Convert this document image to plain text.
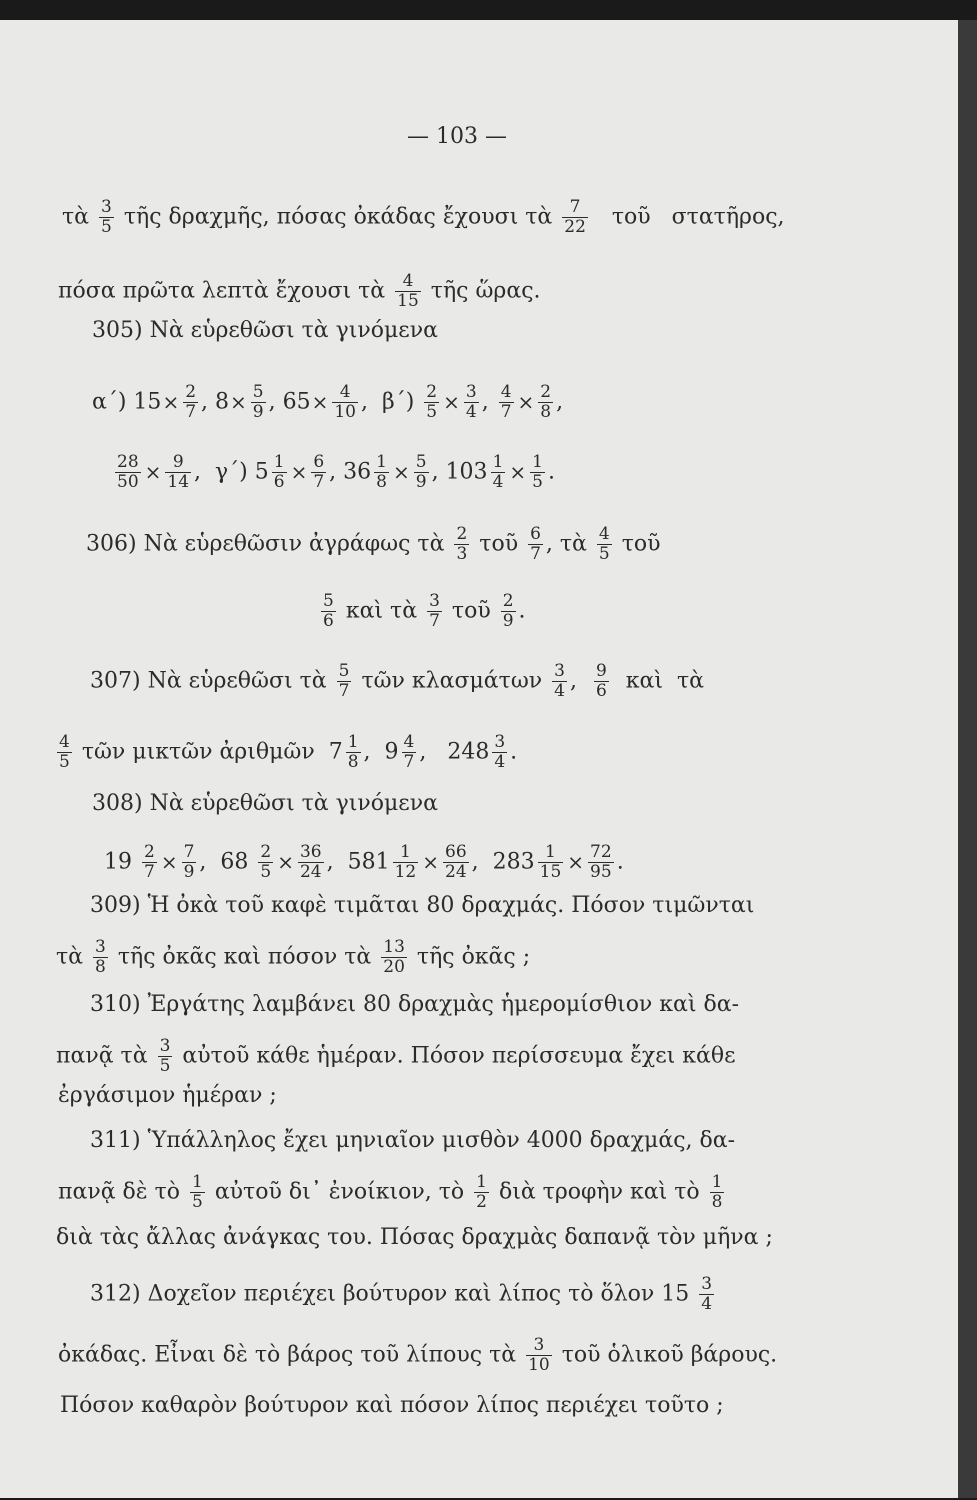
— 103 —
τὰ $\frac{3}{5}$ τῆς δραχμῆς, πόσας ὀκάδας ἔχουσι τὰ $\frac{7}{22}$ τοῦ   στατῆρος,
πόσα πρῶτα λεπτὰ ἔχουσι τὰ $\frac{4}{15}$ τῆς ὥρας.
305) Νὰ εὑρεθῶσι τὰ γινόμενα
α΄) $15\times \frac{2}{7}$ , $8\times \frac{5}{9}$ , $65\times \frac{4}{10}$ ,  $\beta΄) \frac{2}{5} \times \frac{3}{4}$ , $\frac{4}{7} \times \frac{2}{8}$ ,
$\frac{28}{50} \times \frac{9}{14}$ ,  γ΄) $5 \frac{1}{6} \times \frac{6}{7}$ , $36 \frac{1}{8} \times \frac{5}{9}$ , $103 \frac{1}{4} \times \frac{1}{5}$ .
306) Νὰ εὑρεθῶσιν ἀγράφως τὰ $\frac{2}{3}$ τοῦ $\frac{6}{7}$ , τὰ $\frac{4}{5}$ τοῦ
$\frac{5}{6}$ καὶ τὰ $\frac{3}{7}$ τοῦ $\frac{2}{9}$ .
307) Νὰ εὑρεθῶσι τὰ $\frac{5}{7}$ τῶν κλασμάτων $\frac{3}{4}$ , $\frac{9}{6}$ καὶ  τὰ
$\frac{4}{5}$ τῶν μικτῶν ἀριθμῶν  $7 \frac{1}{8}$ ,  $9 \frac{4}{7}$ ,   $248 \frac{3}{4}$ .
308) Νὰ εὑρεθῶσι τὰ γινόμενα
$19 \frac{2}{7} \times \frac{7}{9}$ ,  $68 \frac{2}{5} \times \frac{36}{24}$ ,  $581 \frac{1}{12} \times \frac{66}{24}$ ,  $283 \frac{1}{15} \times \frac{72}{95}$ .
309) Ἡ ὀκὰ τοῦ καφὲ τιμᾶται 80 δραχμάς. Πόσον τιμῶνται
τὰ $\frac{3}{8}$ τῆς ὀκᾶς καὶ πόσον τὰ $\frac{13}{20}$ τῆς ὀκᾶς ;
310) Ἐργάτης λαμβάνει 80 δραχμὰς ἡμερομίσθιον καὶ δα-
πανᾷ τὰ $\frac{3}{5}$ αὐτοῦ κάθε ἡμέραν. Πόσον περίσσευμα ἔχει κάθε
ἐργάσιμον ἡμέραν ;
311) Ὑπάλληλος ἔχει μηνιαῖον μισθὸν 4000 δραχμάς, δα-
πανᾷ δὲ τὸ $\frac{1}{5}$ αὐτοῦ δι᾽ ἐνοίκιον, τὸ $\frac{1}{2}$ διὰ τροφὴν καὶ τὸ $\frac{1}{8}$
διὰ τὰς ἄλλας ἀνάγκας του. Πόσας δραχμὰς δαπανᾷ τὸν μῆνα ;
312) Δοχεῖον περιέχει βούτυρον καὶ λίπος τὸ ὅλον $15 \frac{3}{4}$
ὀκάδας. Εἶναι δὲ τὸ βάρος τοῦ λίπους τὰ $\frac{3}{10}$ τοῦ ὁλικοῦ βάρους.
Πόσον καθαρὸν βούτυρον καὶ πόσον λίπος περιέχει τοῦτο ;
